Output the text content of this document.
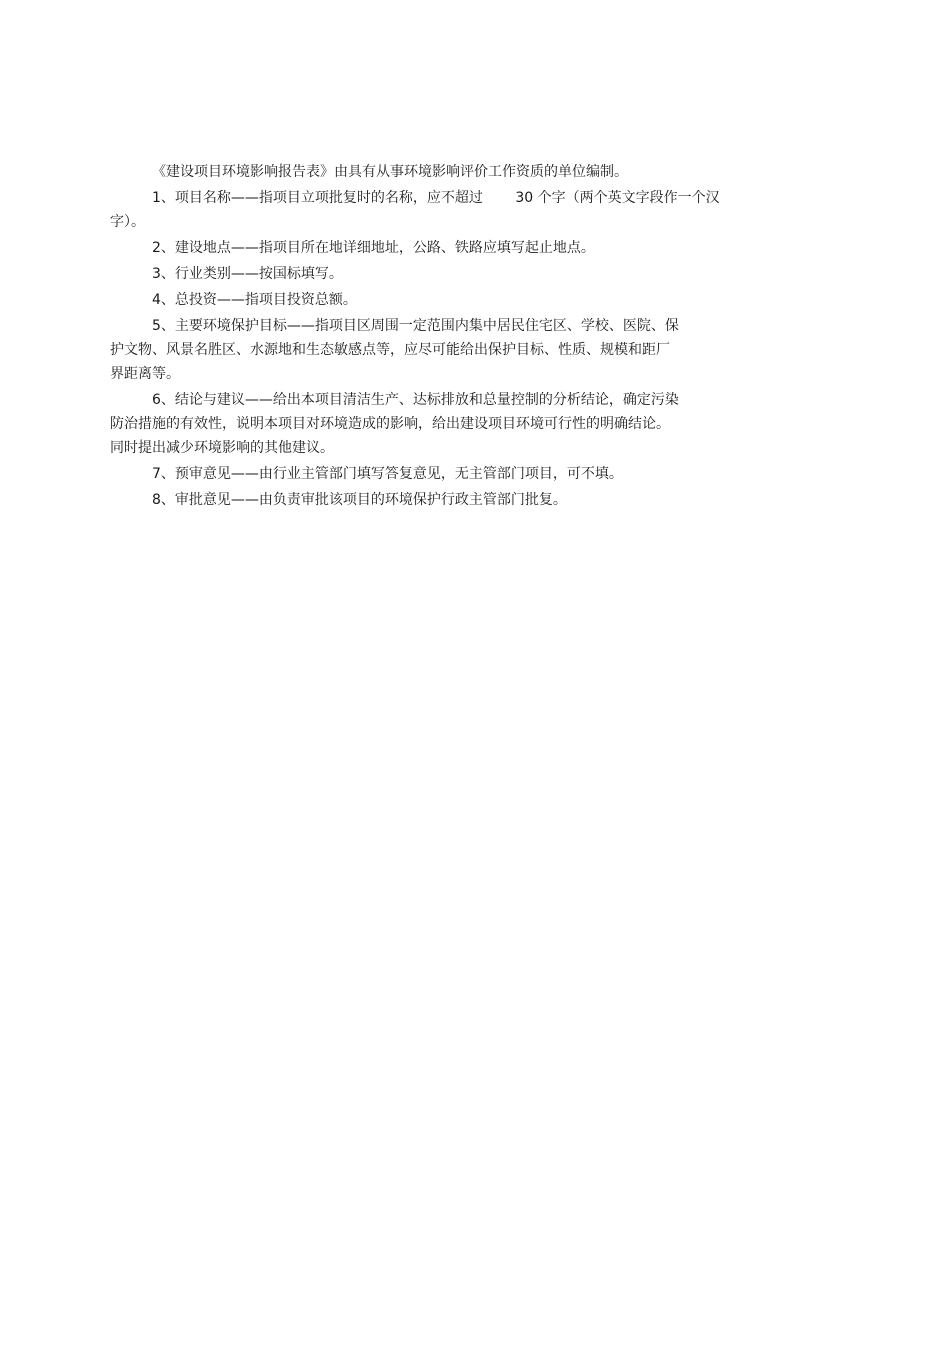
《建设项目环境影响报告表》由具有从事环境影响评价工作资质的单位编制。
1、项目名称——指项目立项批复时的名称，应不超过 　　30 个字（两个英文字段作一个汉
字）。
2、建设地点——指项目所在地详细地址，公路、铁路应填写起止地点。
3、行业类别——按国标填写。
4、总投资——指项目投资总额。
5、主要环境保护目标——指项目区周围一定范围内集中居民住宅区、学校、医院、保
护文物、风景名胜区、水源地和生态敏感点等，应尽可能给出保护目标、性质、规模和距厂
界距离等。
6、结论与建议——给出本项目清洁生产、达标排放和总量控制的分析结论，确定污染
防治措施的有效性，说明本项目对环境造成的影响，给出建设项目环境可行性的明确结论。
同时提出减少环境影响的其他建议。
7、预审意见——由行业主管部门填写答复意见，无主管部门项目，可不填。
8、审批意见——由负责审批该项目的环境保护行政主管部门批复。
